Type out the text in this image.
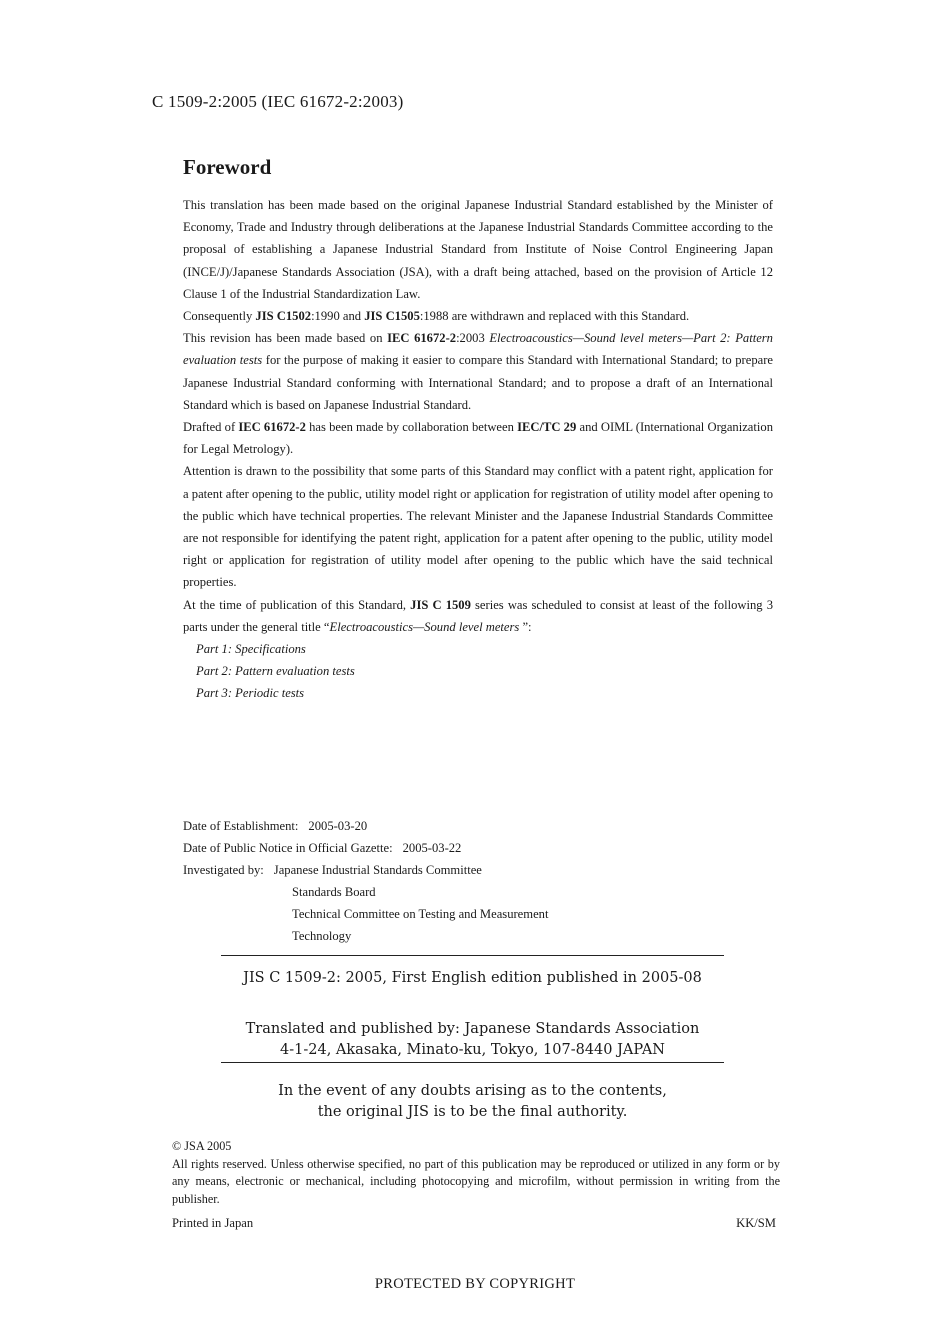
C 1509-2:2005 (IEC 61672-2:2003)
Foreword

This translation has been made based on the original Japanese Industrial Standard established by the Minister of Economy, Trade and Industry through deliberations at the Japanese Industrial Standards Committee according to the proposal of establishing a Japanese Industrial Standard from Institute of Noise Control Engineering Japan (INCE/J)/Japanese Standards Association (JSA), with a draft being attached, based on the provision of Article 12 Clause 1 of the Industrial Standardization Law.

Consequently JIS C1502:1990 and JIS C1505:1988 are withdrawn and replaced with this Standard.

This revision has been made based on IEC 61672-2:2003 Electroacoustics—Sound level meters—Part 2: Pattern evaluation tests for the purpose of making it easier to compare this Standard with International Standard; to prepare Japanese Industrial Standard conforming with International Standard; and to propose a draft of an International Standard which is based on Japanese Industrial Standard.

Drafted of IEC 61672-2 has been made by collaboration between IEC/TC 29 and OIML (International Organization for Legal Metrology).

Attention is drawn to the possibility that some parts of this Standard may conflict with a patent right, application for a patent after opening to the public, utility model right or application for registration of utility model after opening to the public which have technical properties. The relevant Minister and the Japanese Industrial Standards Committee are not responsible for identifying the patent right, application for a patent after opening to the public, utility model right or application for registration of utility model after opening to the public which have the said technical properties.

At the time of publication of this Standard, JIS C 1509 series was scheduled to consist at least of the following 3 parts under the general title “Electroacoustics—Sound level meters ”:

Part 1: Specifications
Part 2: Pattern evaluation tests
Part 3: Periodic tests
Date of Establishment: 2005-03-20
Date of Public Notice in Official Gazette: 2005-03-22
Investigated by: Japanese Industrial Standards Committee
Standards Board
Technical Committee on Testing and Measurement
Technology
JIS C 1509-2: 2005, First English edition published in 2005-08
Translated and published by: Japanese Standards Association
4-1-24, Akasaka, Minato-ku, Tokyo, 107-8440 JAPAN
In the event of any doubts arising as to the contents,
the original JIS is to be the final authority.

© JSA 2005

All rights reserved. Unless otherwise specified, no part of this publication may be reproduced or utilized in any form or by any means, electronic or mechanical, including photocopying and microfilm, without permission in writing from the publisher.

Printed in Japan	KK/SM
PROTECTED BY COPYRIGHT
